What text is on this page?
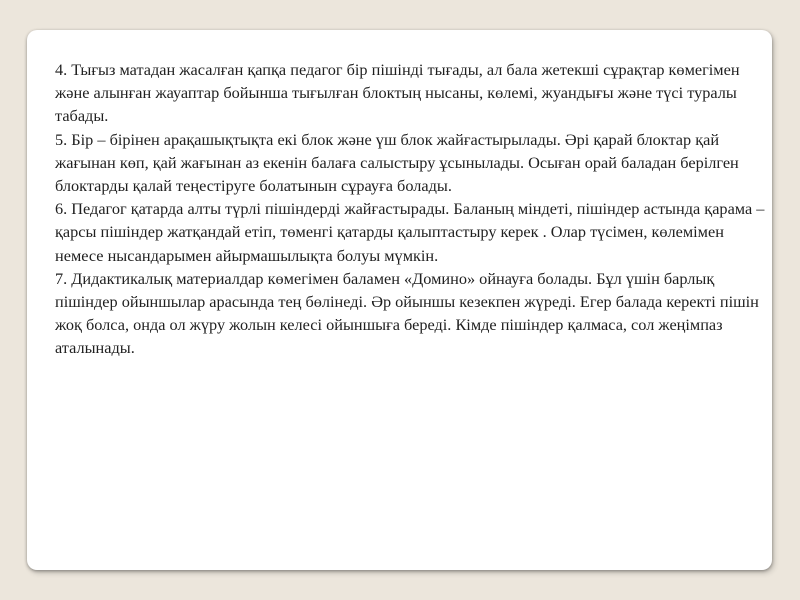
4. Тығыз матадан жасалған қапқа педагог бір пішінді тығады, ал бала жетекші сұрақтар көмегімен және алынған жауаптар бойынша тығылған блоктың нысаны, көлемі, жуандығы және түсі туралы табады.

5. Бір – бірінен арақашықтықта екі блок және үш блок жайғастырылады. Әрі қарай блоктар қай жағынан көп, қай жағынан аз екенін балаға салыстыру ұсынылады. Осыған орай баладан берілген блоктарды қалай теңестіруге болатынын сұрауға болады.

6. Педагог қатарда алты түрлі пішіндерді жайғастырады. Баланың міндеті, пішіндер астында қарама – қарсы пішіндер жатқандай етіп, төменгі қатарды қалыптастыру керек . Олар түсімен, көлемімен немесе нысандарымен айырмашылықта болуы мүмкін.

7. Дидактикалық материалдар көмегімен баламен «Домино» ойнауға болады. Бұл үшін барлық пішіндер ойыншылар арасында тең бөлінеді. Әр ойыншы кезекпен жүреді. Егер балада керекті пішін жоқ болса, онда ол жүру жолын келесі ойыншыға береді. Кімде пішіндер қалмаса, сол жеңімпаз аталынады.
